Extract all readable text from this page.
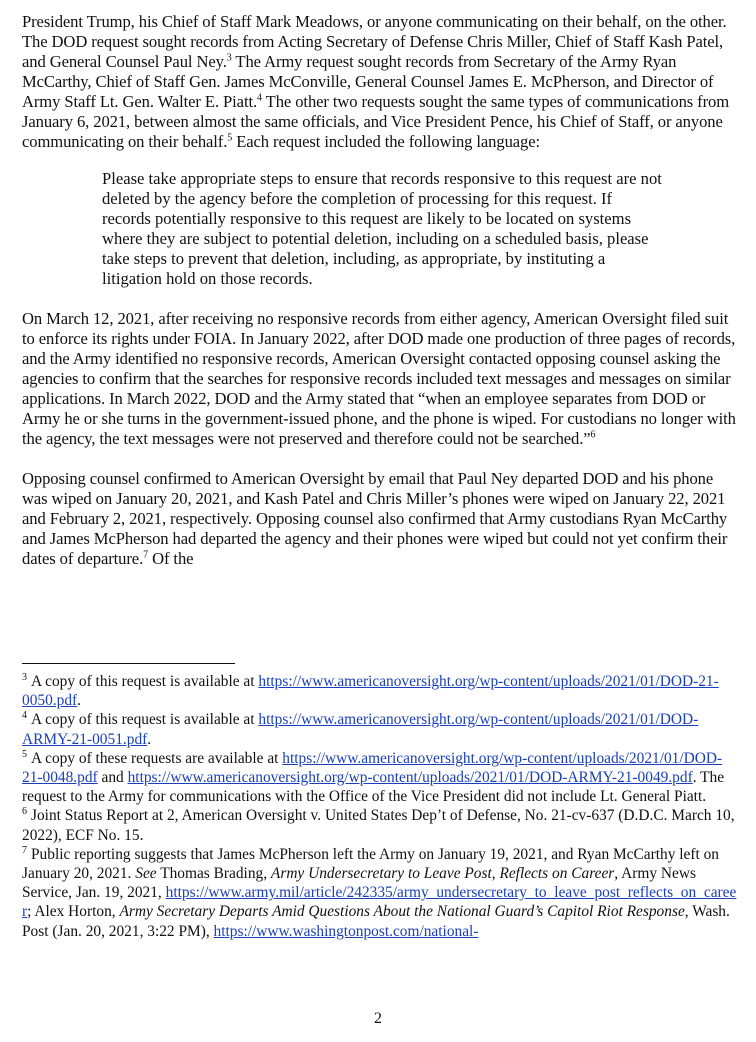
President Trump, his Chief of Staff Mark Meadows, or anyone communicating on their behalf, on the other. The DOD request sought records from Acting Secretary of Defense Chris Miller, Chief of Staff Kash Patel, and General Counsel Paul Ney.$^3$ The Army request sought records from Secretary of the Army Ryan McCarthy, Chief of Staff Gen. James McConville, General Counsel James E. McPherson, and Director of Army Staff Lt. Gen. Walter E. Piatt.$^4$ The other two requests sought the same types of communications from January 6, 2021, between almost the same officials, and Vice President Pence, his Chief of Staff, or anyone communicating on their behalf.$^5$ Each request included the following language:

Please take appropriate steps to ensure that records responsive to this request are not deleted by the agency before the completion of processing for this request. If records potentially responsive to this request are likely to be located on systems where they are subject to potential deletion, including on a scheduled basis, please take steps to prevent that deletion, including, as appropriate, by instituting a litigation hold on those records.

On March 12, 2021, after receiving no responsive records from either agency, American Oversight filed suit to enforce its rights under FOIA. In January 2022, after DOD made one production of three pages of records, and the Army identified no responsive records, American Oversight contacted opposing counsel asking the agencies to confirm that the searches for responsive records included text messages and messages on similar applications. In March 2022, DOD and the Army stated that “when an employee separates from DOD or Army he or she turns in the government-issued phone, and the phone is wiped. For custodians no longer with the agency, the text messages were not preserved and therefore could not be searched.”$^6$

Opposing counsel confirmed to American Oversight by email that Paul Ney departed DOD and his phone was wiped on January 20, 2021, and Kash Patel and Chris Miller’s phones were wiped on January 22, 2021 and February 2, 2021, respectively. Opposing counsel also confirmed that Army custodians Ryan McCarthy and James McPherson had departed the agency and their phones were wiped but could not yet confirm their dates of departure.$^7$ Of the

$^3$ A copy of this request is available at https://www.americanoversight.org/wp-content/uploads/2021/01/DOD-21-0050.pdf.

$^4$ A copy of this request is available at https://www.americanoversight.org/wp-content/uploads/2021/01/DOD-ARMY-21-0051.pdf.

$^5$ A copy of these requests are available at https://www.americanoversight.org/wp-content/uploads/2021/01/DOD-21-0048.pdf and https://www.americanoversight.org/wp-content/uploads/2021/01/DOD-ARMY-21-0049.pdf. The request to the Army for communications with the Office of the Vice President did not include Lt. General Piatt.

$^6$ Joint Status Report at 2, American Oversight v. United States Dep’t of Defense, No. 21-cv-637 (D.D.C. March 10, 2022), ECF No. 15.

$^7$ Public reporting suggests that James McPherson left the Army on January 19, 2021, and Ryan McCarthy left on January 20, 2021. See Thomas Brading, Army Undersecretary to Leave Post, Reflects on Career, Army News Service, Jan. 19, 2021, https://www.army.mil/article/242335/army_undersecretary_to_leave_post_reflects_on_career; Alex Horton, Army Secretary Departs Amid Questions About the National Guard’s Capitol Riot Response, Wash. Post (Jan. 20, 2021, 3:22 PM), https://www.washingtonpost.com/national-

2
